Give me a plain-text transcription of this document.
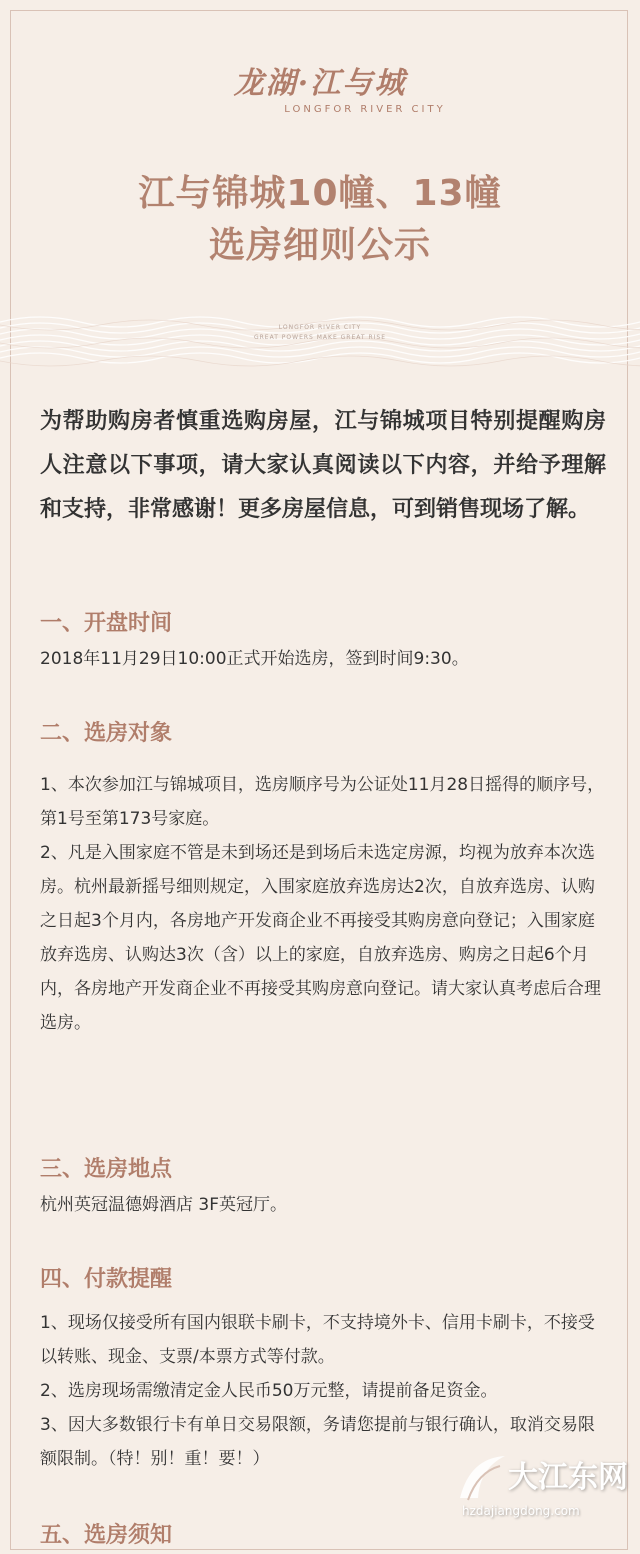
龙湖·江与城
LONGFOR RIVER CITY
江与锦城10幢、13幢
选房细则公示
LONGFOR RIVER CITY
GREAT POWERS MAKE GREAT RISE
为帮助购房者慎重选购房屋，江与锦城项目特别提醒购房人注意以下事项，请大家认真阅读以下内容，并给予理解和支持，非常感谢！更多房屋信息，可到销售现场了解。
一、开盘时间

2018年11月29日10:00正式开始选房，签到时间9:30。

二、选房对象

1、本次参加江与锦城项目，选房顺序号为公证处11月28日摇得的顺序号，第1号至第173号家庭。

2、凡是入围家庭不管是未到场还是到场后未选定房源，均视为放弃本次选房。杭州最新摇号细则规定，入围家庭放弃选房达2次，自放弃选房、认购之日起3个月内，各房地产开发商企业不再接受其购房意向登记；入围家庭放弃选房、认购达3次（含）以上的家庭，自放弃选房、购房之日起6个月内，各房地产开发商企业不再接受其购房意向登记。请大家认真考虑后合理选房。

三、选房地点

杭州英冠温德姆酒店 3F英冠厅。

四、付款提醒

1、现场仅接受所有国内银联卡刷卡，不支持境外卡、信用卡刷卡，不接受以转账、现金、支票/本票方式等付款。

2、选房现场需缴清定金人民币50万元整，请提前备足资金。

3、因大多数银行卡有单日交易限额，务请您提前与银行确认，取消交易限额限制。（特！别！重！要！）

五、选房须知
大江东网
hzdajiangdong.com
